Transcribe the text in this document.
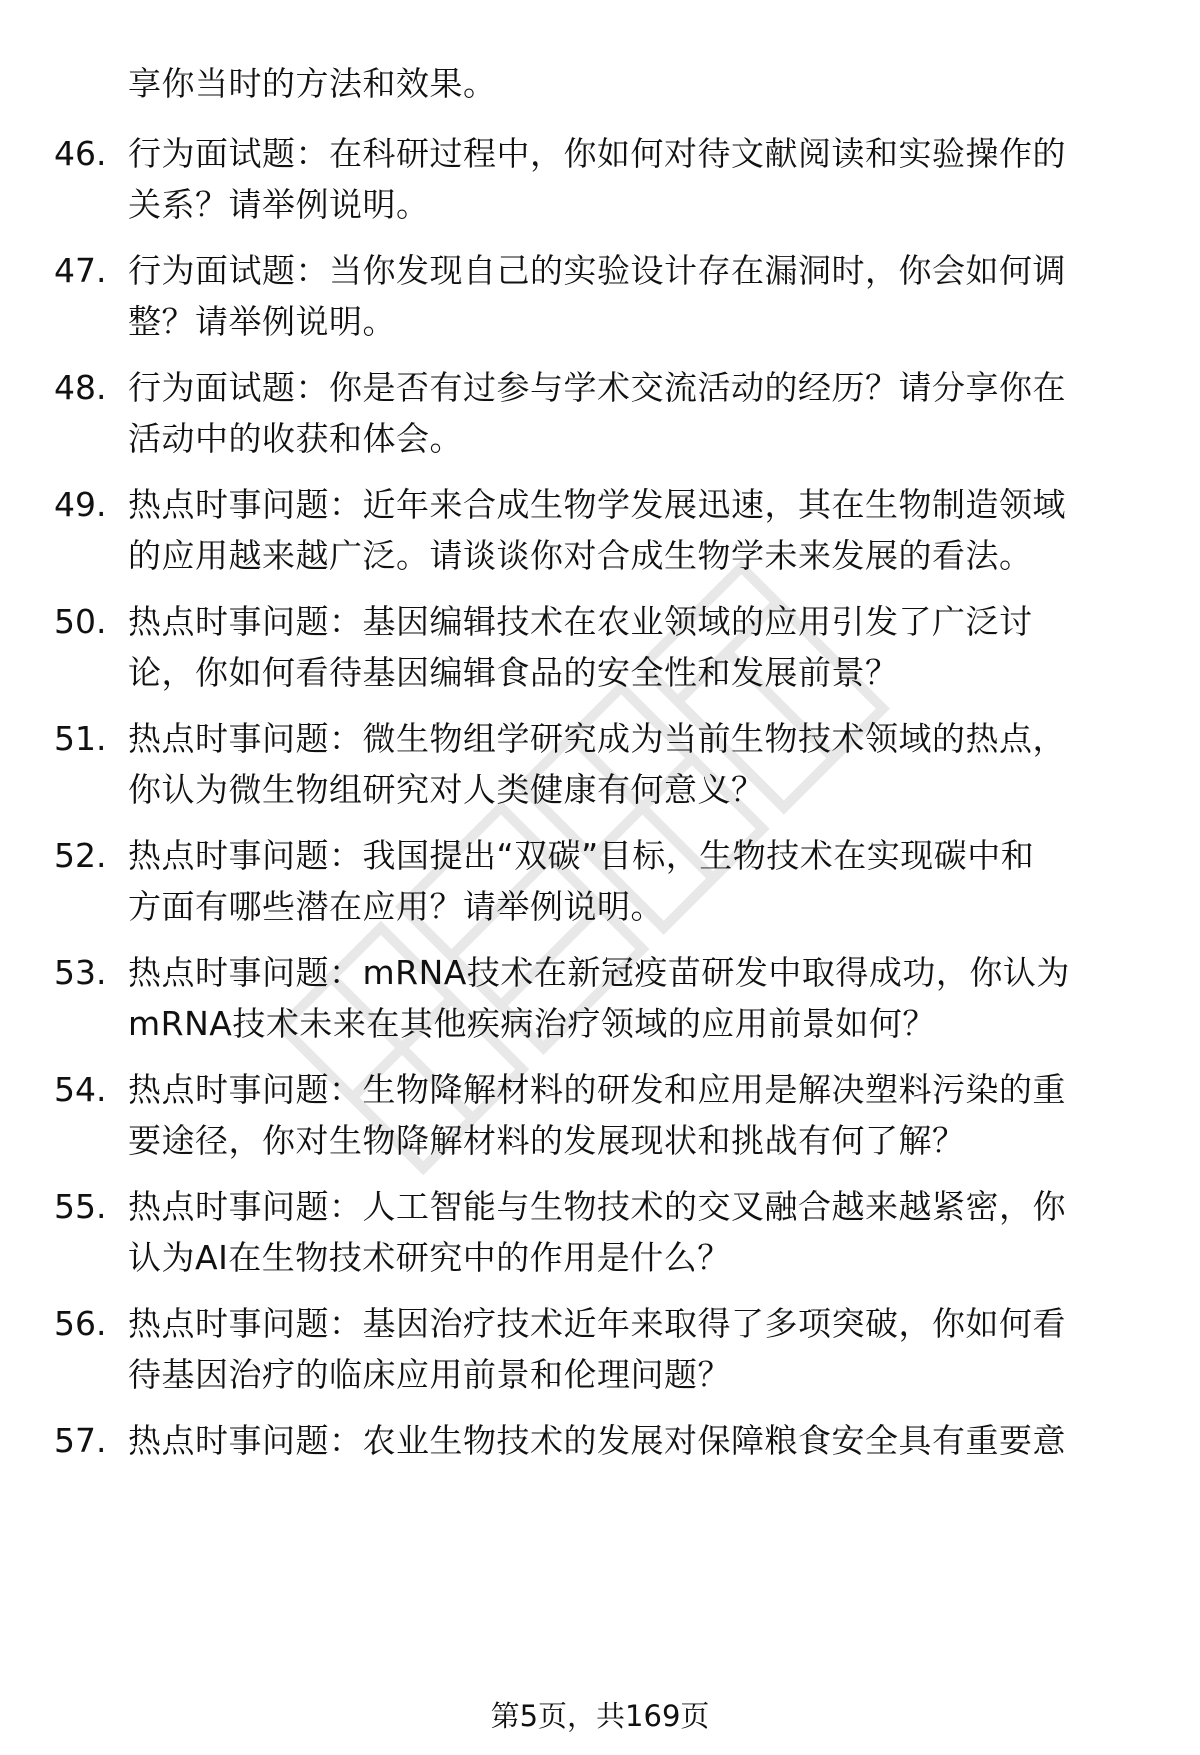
享你当时的方法和效果。
46. 行为面试题：在科研过程中，你如何对待文献阅读和实验操作的
关系？请举例说明。
47. 行为面试题：当你发现自己的实验设计存在漏洞时，你会如何调
整？请举例说明。
48. 行为面试题：你是否有过参与学术交流活动的经历？请分享你在
活动中的收获和体会。
49. 热点时事问题：近年来合成生物学发展迅速，其在生物制造领域
的应用越来越广泛。请谈谈你对合成生物学未来发展的看法。
50. 热点时事问题：基因编辑技术在农业领域的应用引发了广泛讨
论，你如何看待基因编辑食品的安全性和发展前景？
51. 热点时事问题：微生物组学研究成为当前生物技术领域的热点，
你认为微生物组研究对人类健康有何意义？
52. 热点时事问题：我国提出“双碳”目标，生物技术在实现碳中和
方面有哪些潜在应用？请举例说明。
53. 热点时事问题：mRNA技术在新冠疫苗研发中取得成功，你认为
mRNA技术未来在其他疾病治疗领域的应用前景如何？
54. 热点时事问题：生物降解材料的研发和应用是解决塑料污染的重
要途径，你对生物降解材料的发展现状和挑战有何了解？
55. 热点时事问题：人工智能与生物技术的交叉融合越来越紧密，你
认为AI在生物技术研究中的作用是什么？
56. 热点时事问题：基因治疗技术近年来取得了多项突破，你如何看
待基因治疗的临床应用前景和伦理问题？
57. 热点时事问题：农业生物技术的发展对保障粮食安全具有重要意
第5页，共169页
